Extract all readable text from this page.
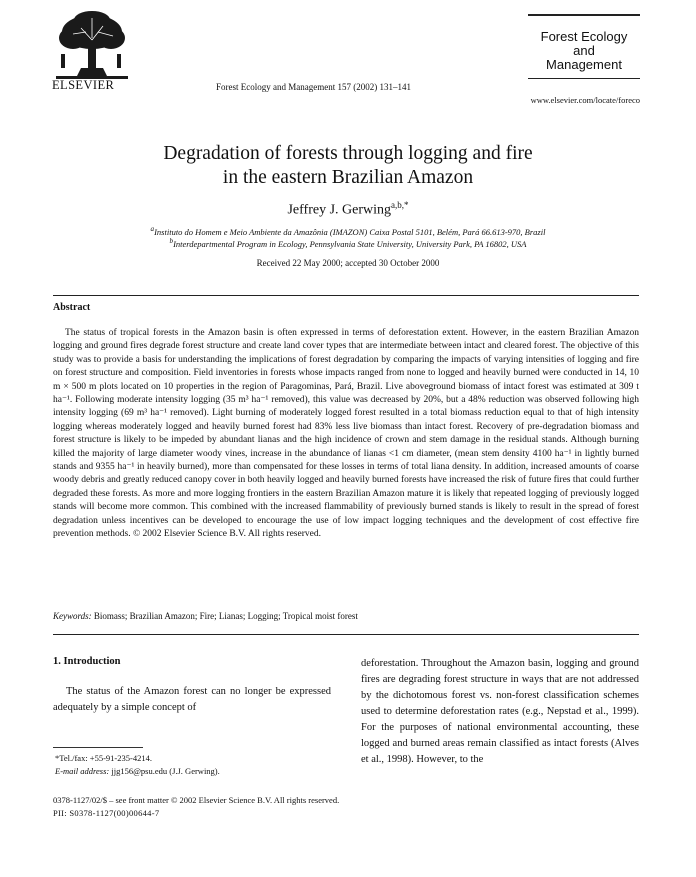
ELSEVIER	Forest Ecology and Management 157 (2002) 131–141
Forest Ecology
and
Management
www.elsevier.com/locate/foreco
Degradation of forests through logging and fire
in the eastern Brazilian Amazon
Jeffrey J. Gerwing$^{a,b,*}$
$^a$Instituto do Homem e Meio Ambiente da Amazônia (IMAZON) Caixa Postal 5101, Belém, Pará 66.613-970, Brazil
$^b$Interdepartmental Program in Ecology, Pennsylvania State University, University Park, PA 16802, USA
Received 22 May 2000; accepted 30 October 2000
Abstract

The status of tropical forests in the Amazon basin is often expressed in terms of deforestation extent. However, in the eastern Brazilian Amazon logging and ground fires degrade forest structure and create land cover types that are intermediate between intact and cleared forest. The objective of this study was to provide a basis for understanding the implications of forest degradation by comparing the impacts of varying intensities of logging and fire on forest structure and composition. Field inventories in forests whose impacts ranged from none to logged and heavily burned were conducted in 14, 10 m × 500 m plots located on 10 properties in the region of Paragominas, Pará, Brazil. Live aboveground biomass of intact forest was estimated at 309 t ha⁻¹. Following moderate intensity logging (35 m³ ha⁻¹ removed), this value was decreased by 20%, but a 48% reduction was observed following high intensity logging (69 m³ ha⁻¹ removed). Light burning of moderately logged forest resulted in a total biomass reduction equal to that of high intensity logging whereas moderately logged and heavily burned forest had 83% less live biomass than intact forest. Recovery of pre-degradation biomass and forest structure is likely to be impeded by abundant lianas and the high incidence of crown and stem damage in the residual stands. Although burning killed the majority of large diameter woody vines, increase in the abundance of lianas <1 cm diameter, (mean stem density 4100 ha⁻¹ in lightly burned stands and 9355 ha⁻¹ in heavily burned), more than compensated for these losses in terms of total liana density. In addition, increased amounts of coarse woody debris and greatly reduced canopy cover in both heavily logged and heavily burned forests have increased the risk of future fires that could further degraded these forests. As more and more logging frontiers in the eastern Brazilian Amazon mature it is likely that repeated logging of previously logged stands will become more common. This combined with the increased flammability of previously burned stands is likely to result in the spread of forest degradation unless incentives can be developed to encourage the use of low impact logging techniques and the development of cost effective fire prevention methods. © 2002 Elsevier Science B.V. All rights reserved.

Keywords: Biomass; Brazilian Amazon; Fire; Lianas; Logging; Tropical moist forest
1. Introduction
The status of the Amazon forest can no longer be expressed adequately by a simple concept of
deforestation. Throughout the Amazon basin, logging and ground fires are degrading forest structure in ways that are not addressed by the dichotomous forest vs. non-forest classification schemes used to determine deforestation rates (e.g., Nepstad et al., 1999). For the purposes of national environmental accounting, these logged and burned areas remain classified as intact forests (Alves et al., 1998). However, to the
*Tel./fax: +55-91-235-4214.
E-mail address: jjg156@psu.edu (J.J. Gerwing).
0378-1127/02/$ – see front matter © 2002 Elsevier Science B.V. All rights reserved.
PII: S0378-1127(00)00644-7
